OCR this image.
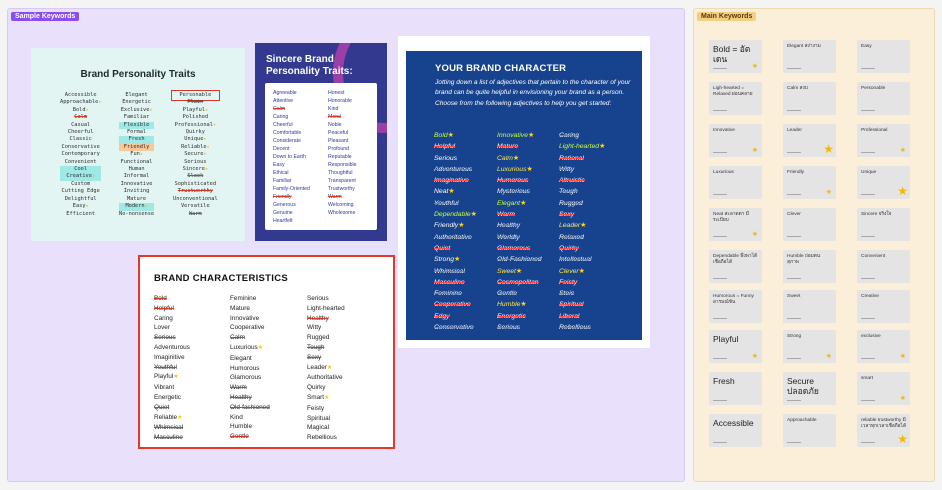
Sample Keywords	Main Keywords
Brand Personality Traits
Accessible
Approachable★
Bold★
Calm
Casual
Cheerful
Classic
Conservative
Contemporary
Convenient
Cool
Creative★
Custom
Cutting Edge
Delightful
Easy★
Efficient
Elegant
Energetic
Exclusive★
Familiar
Flexible
Formal
Fresh
Friendly
Fun★
Functional
Human
Informal
Innovative
Inviting
Mature
Modern★
No-nonsense
Personable
Plain
Playful★
Polished
Professional★
Quirky
Unique★
Reliable★
Secure★
Serious
Sincere★
Sleek
Sophisticated
Trustworthy
Unconventional
Versatile
Warm
Sincere Brand
Personality Traits:
Agreeable
Attentive
Calm
Caring
Cheerful
Comfortable
Considerate
Decent
Down to Earth
Easy
Ethical
Familiar
Family-Oriented
Friendly
Generous
Genuine
Heartfelt
Honest
Honorable
Kind
Moral
Noble
Peaceful
Pleasant
Profound
Reputable
Responsible
Thoughtful
Transparent
Trustworthy
Warm
Welcoming
Wholesome
BRAND CHARACTERISTICS
Bold
Helpful
Caring
Lover
Serious
Adventurous
Imaginitive
Youthful
Playful★
Vibrant
Energetic
Quiet
Reliable★
Whimsical
Masculine
Feminine
Mature
Innovative
Cooperative
Calm
Luxurious★
Elegant
Humorous
Glamorous
Warm
Healthy
Old-fashioned
Kind
Humble
Gentle
Serious
Light-hearted
Healthy
Witty
Rugged
Tough
Sexy
Leader★
Authoritative
Quirky
Smart★
Feisty
Spiritual
Magical
Rebellious
YOUR BRAND CHARACTER
Jotting down a list of adjectives that pertain to the character of your brand can be quite helpful in envisioning your brand as a person. Choose from the following adjectives to help you get started:
Bold★
Helpful
Serious
Adventurous
Imaginative
Neat★
Youthful
Dependable★
Friendly★
Authoritative
Quiet
Strong★
Whimsical
Masculine
Feminine
Cooperative
Edgy
Conservative
Innovative★
Mature
Calm★
Luxurious★
Humorous
Mysterious
Elegant★
Warm
Healthy
Worldly
Glamorous
Old-Fashioned
Sweet★
Cosmopolitan
Gentle
Humble★
Energetic
Serious
Caring
Light-hearted★
Rational
Witty
Altruistic
Tough
Rugged
Sexy
Leader★
Relaxed
Quirky
Intellectual
Clever★
Feisty
Stoic
Spiritual
Liberal
Rebellious
Bold = อัตเดน
★
Elegant สง่างาม	Easy
Ligh-hearted = Relaxed ผ่อนคลาย
Calm สงบ	Personable
Innovative
★
Leader
★
Professional
★
Luxurious	Friendly
★
Unique
★
Neat สะอาดตา มีระเบียบ
★
Clever	Sincere จริงใจ
Dependable พึ่งพาได้ เชื่อถือได้
Humble ถ่อมตน สุภาพ
Convenient
Humorous = Funny อารมณ์ขัน
Sweet	Creative
Playful
★
Strong
★
exclusive
★
Fresh	Secure ปลอดภัย
smart
★
Accessible	Approachable	reliable trustworthy มีเวลาทุกเวลาเชื่อถือได้
★
